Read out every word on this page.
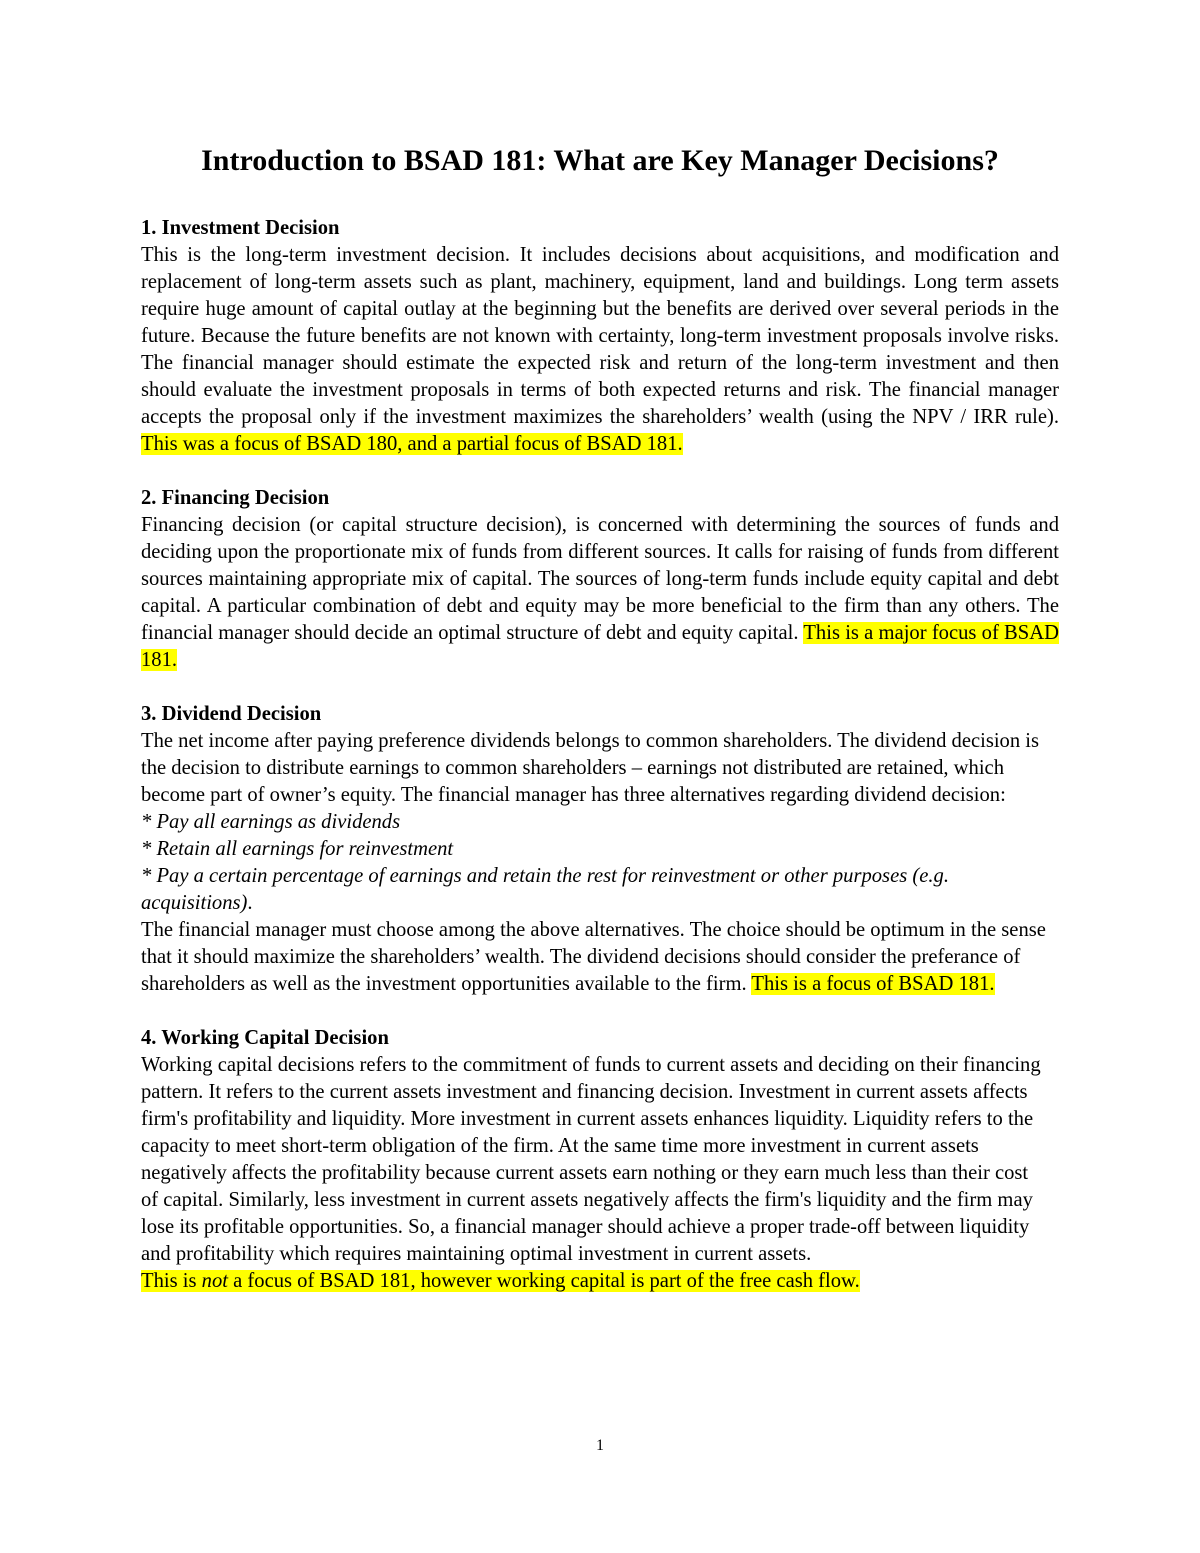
Introduction to BSAD 181: What are Key Manager Decisions?

1. Investment Decision

This is the long-term investment decision. It includes decisions about acquisitions, and modification and replacement of long-term assets such as plant, machinery, equipment, land and buildings. Long term assets require huge amount of capital outlay at the beginning but the benefits are derived over several periods in the future. Because the future benefits are not known with certainty, long-term investment proposals involve risks. The financial manager should estimate the expected risk and return of the long-term investment and then should evaluate the investment proposals in terms of both expected returns and risk. The financial manager accepts the proposal only if the investment maximizes the shareholders’ wealth (using the NPV / IRR rule). This was a focus of BSAD 180, and a partial focus of BSAD 181.

2. Financing Decision

Financing decision (or capital structure decision), is concerned with determining the sources of funds and deciding upon the proportionate mix of funds from different sources. It calls for raising of funds from different sources maintaining appropriate mix of capital. The sources of long-term funds include equity capital and debt capital. A particular combination of debt and equity may be more beneficial to the firm than any others. The financial manager should decide an optimal structure of debt and equity capital. This is a major focus of BSAD 181.

3. Dividend Decision

The net income after paying preference dividends belongs to common shareholders. The dividend decision is the decision to distribute earnings to common shareholders – earnings not distributed are retained, which become part of owner’s equity. The financial manager has three alternatives regarding dividend decision:

* Pay all earnings as dividends

* Retain all earnings for reinvestment

* Pay a certain percentage of earnings and retain the rest for reinvestment or other purposes (e.g. acquisitions).

The financial manager must choose among the above alternatives. The choice should be optimum in the sense that it should maximize the shareholders’ wealth. The dividend decisions should consider the preferance of shareholders as well as the investment opportunities available to the firm. This is a focus of BSAD 181.

4. Working Capital Decision

Working capital decisions refers to the commitment of funds to current assets and deciding on their financing pattern. It refers to the current assets investment and financing decision. Investment in current assets affects firm's profitability and liquidity. More investment in current assets enhances liquidity. Liquidity refers to the capacity to meet short-term obligation of the firm. At the same time more investment in current assets negatively affects the profitability because current assets earn nothing or they earn much less than their cost of capital. Similarly, less investment in current assets negatively affects the firm's liquidity and the firm may lose its profitable opportunities. So, a financial manager should achieve a proper trade-off between liquidity and profitability which requires maintaining optimal investment in current assets.

This is not a focus of BSAD 181, however working capital is part of the free cash flow.

1
